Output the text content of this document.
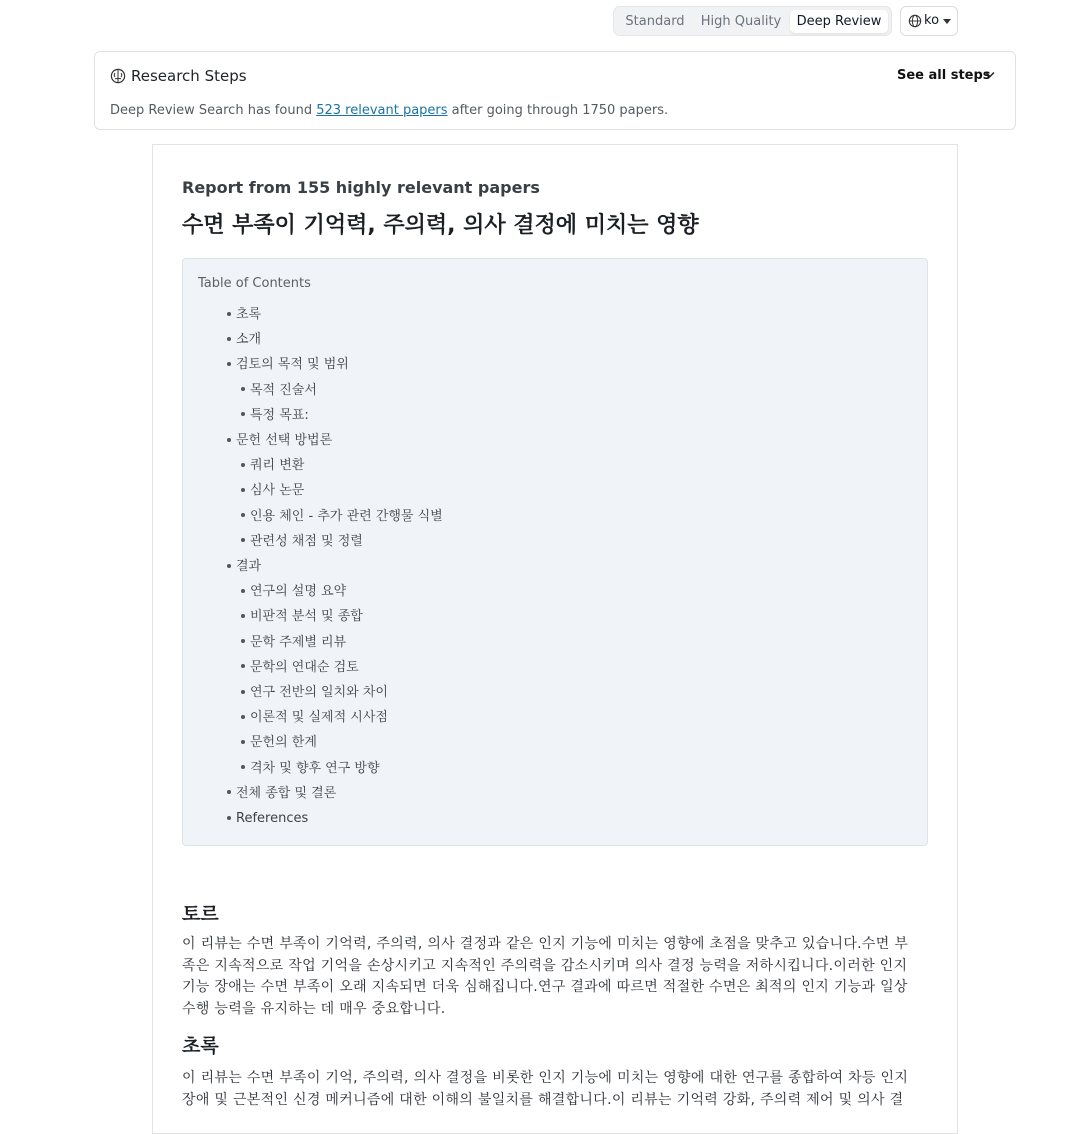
Standard	High Quality	Deep Review	ko
Research Steps	See all steps
Deep Review Search has found 523 relevant papers after going through 1750 papers.
Report from 155 highly relevant papers
수면 부족이 기억력, 주의력, 의사 결정에 미치는 영향
Table of Contents
초록
소개
검토의 목적 및 범위
목적 진술서
특정 목표:
문헌 선택 방법론
쿼리 변환
심사 논문
인용 체인 - 추가 관련 간행물 식별
관련성 채점 및 정렬
결과
연구의 설명 요약
비판적 분석 및 종합
문학 주제별 리뷰
문학의 연대순 검토
연구 전반의 일치와 차이
이론적 및 실제적 시사점
문헌의 한계
격차 및 향후 연구 방향
전체 종합 및 결론
References
토르
이 리뷰는 수면 부족이 기억력, 주의력, 의사 결정과 같은 인지 기능에 미치는 영향에 초점을 맞추고 있습니다.수면 부
족은 지속적으로 작업 기억을 손상시키고 지속적인 주의력을 감소시키며 의사 결정 능력을 저하시킵니다.이러한 인지
기능 장애는 수면 부족이 오래 지속되면 더욱 심해집니다.연구 결과에 따르면 적절한 수면은 최적의 인지 기능과 일상
수행 능력을 유지하는 데 매우 중요합니다.
초록
이 리뷰는 수면 부족이 기억, 주의력, 의사 결정을 비롯한 인지 기능에 미치는 영향에 대한 연구를 종합하여 차등 인지
장애 및 근본적인 신경 메커니즘에 대한 이해의 불일치를 해결합니다.이 리뷰는 기억력 강화, 주의력 제어 및 의사 결
